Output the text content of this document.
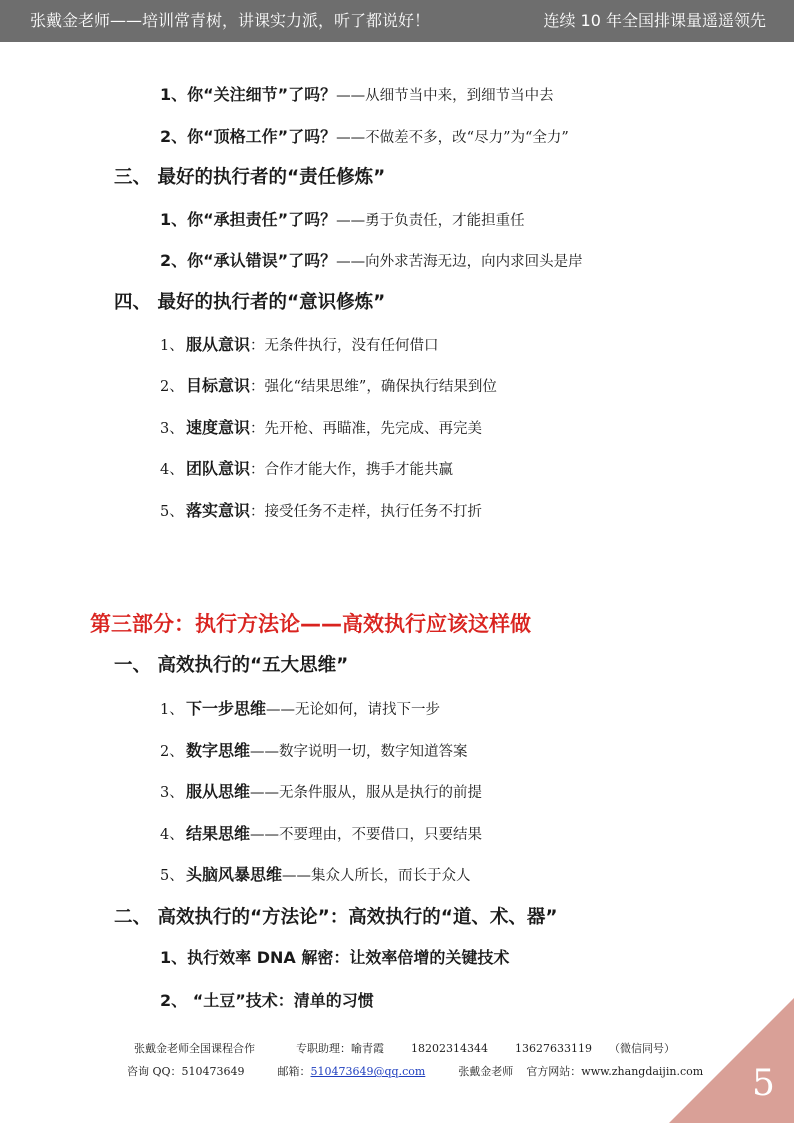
张戴金老师——培训常青树，讲课实力派，听了都说好！	连续 10 年全国排课量遥遥领先
1、你“关注细节”了吗？——从细节当中来，到细节当中去
2、你“顶格工作”了吗？——不做差不多，改“尽力”为“全力”
三、 最好的执行者的“责任修炼”
1、你“承担责任”了吗？——勇于负责任，才能担重任
2、你“承认错误”了吗？——向外求苦海无边，向内求回头是岸
四、 最好的执行者的“意识修炼”
1、 服从意识：无条件执行，没有任何借口
2、 目标意识：强化“结果思维”，确保执行结果到位
3、 速度意识：先开枪、再瞄准，先完成、再完美
4、 团队意识：合作才能大作，携手才能共赢
5、 落实意识：接受任务不走样，执行任务不打折
第三部分：执行方法论——高效执行应该这样做
一、 高效执行的“五大思维”
1、 下一步思维——无论如何，请找下一步
2、 数字思维——数字说明一切，数字知道答案
3、 服从思维——无条件服从，服从是执行的前提
4、 结果思维——不要理由，不要借口，只要结果
5、 头脑风暴思维——集众人所长，而长于众人
二、 高效执行的“方法论”：高效执行的“道、术、器”
1、执行效率 DNA 解密：让效率倍增的关键技术
2、 “土豆”技术：清单的习惯
张戴金老师全国课程合作	专职助理：喻青霞 18202314344 13627633119 （微信同号）
咨询 QQ：510473649	邮箱：510473649@qq.com	张戴金老师 官方网站：www.zhangdaijin.com 5
